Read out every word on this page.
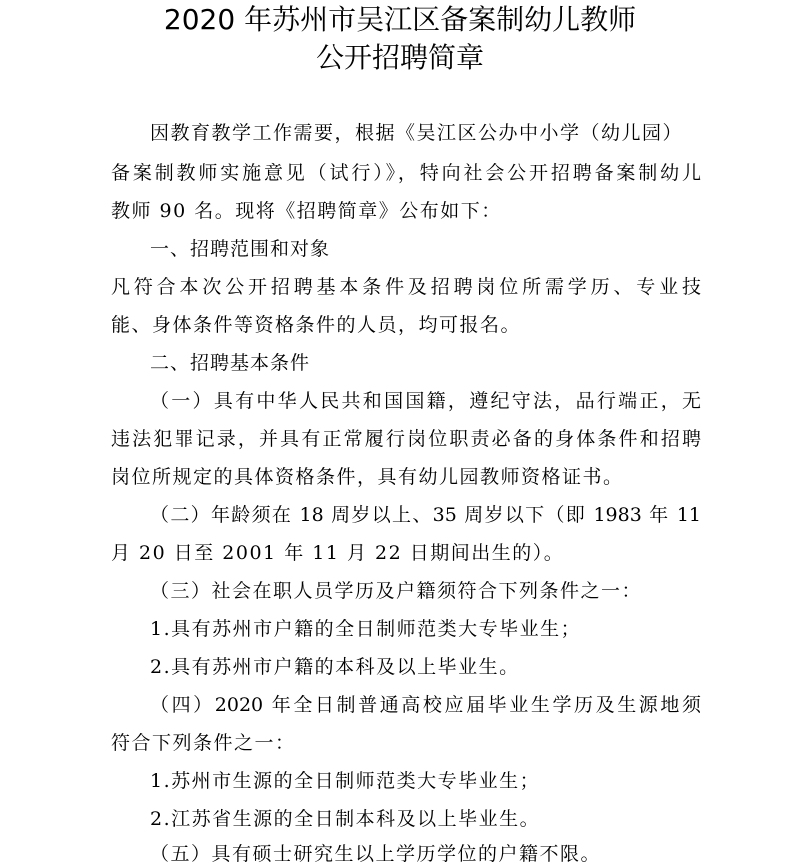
2020 年苏州市吴江区备案制幼儿教师
公开招聘简章
因教育教学工作需要，根据《吴江区公办中小学（幼儿园）
备案制教师实施意见（试行）》，特向社会公开招聘备案制幼儿
教师 90 名。现将《招聘简章》公布如下：
一、招聘范围和对象
凡符合本次公开招聘基本条件及招聘岗位所需学历、专业技
能、身体条件等资格条件的人员，均可报名。
二、招聘基本条件
（一）具有中华人民共和国国籍，遵纪守法，品行端正，无
违法犯罪记录，并具有正常履行岗位职责必备的身体条件和招聘
岗位所规定的具体资格条件，具有幼儿园教师资格证书。
（二）年龄须在 18 周岁以上、35 周岁以下（即 1983 年 11
月 20 日至 2001 年 11 月 22 日期间出生的）。
（三）社会在职人员学历及户籍须符合下列条件之一：
1.具有苏州市户籍的全日制师范类大专毕业生；
2.具有苏州市户籍的本科及以上毕业生。
（四）2020 年全日制普通高校应届毕业生学历及生源地须
符合下列条件之一：
1.苏州市生源的全日制师范类大专毕业生；
2.江苏省生源的全日制本科及以上毕业生。
（五）具有硕士研究生以上学历学位的户籍不限。
